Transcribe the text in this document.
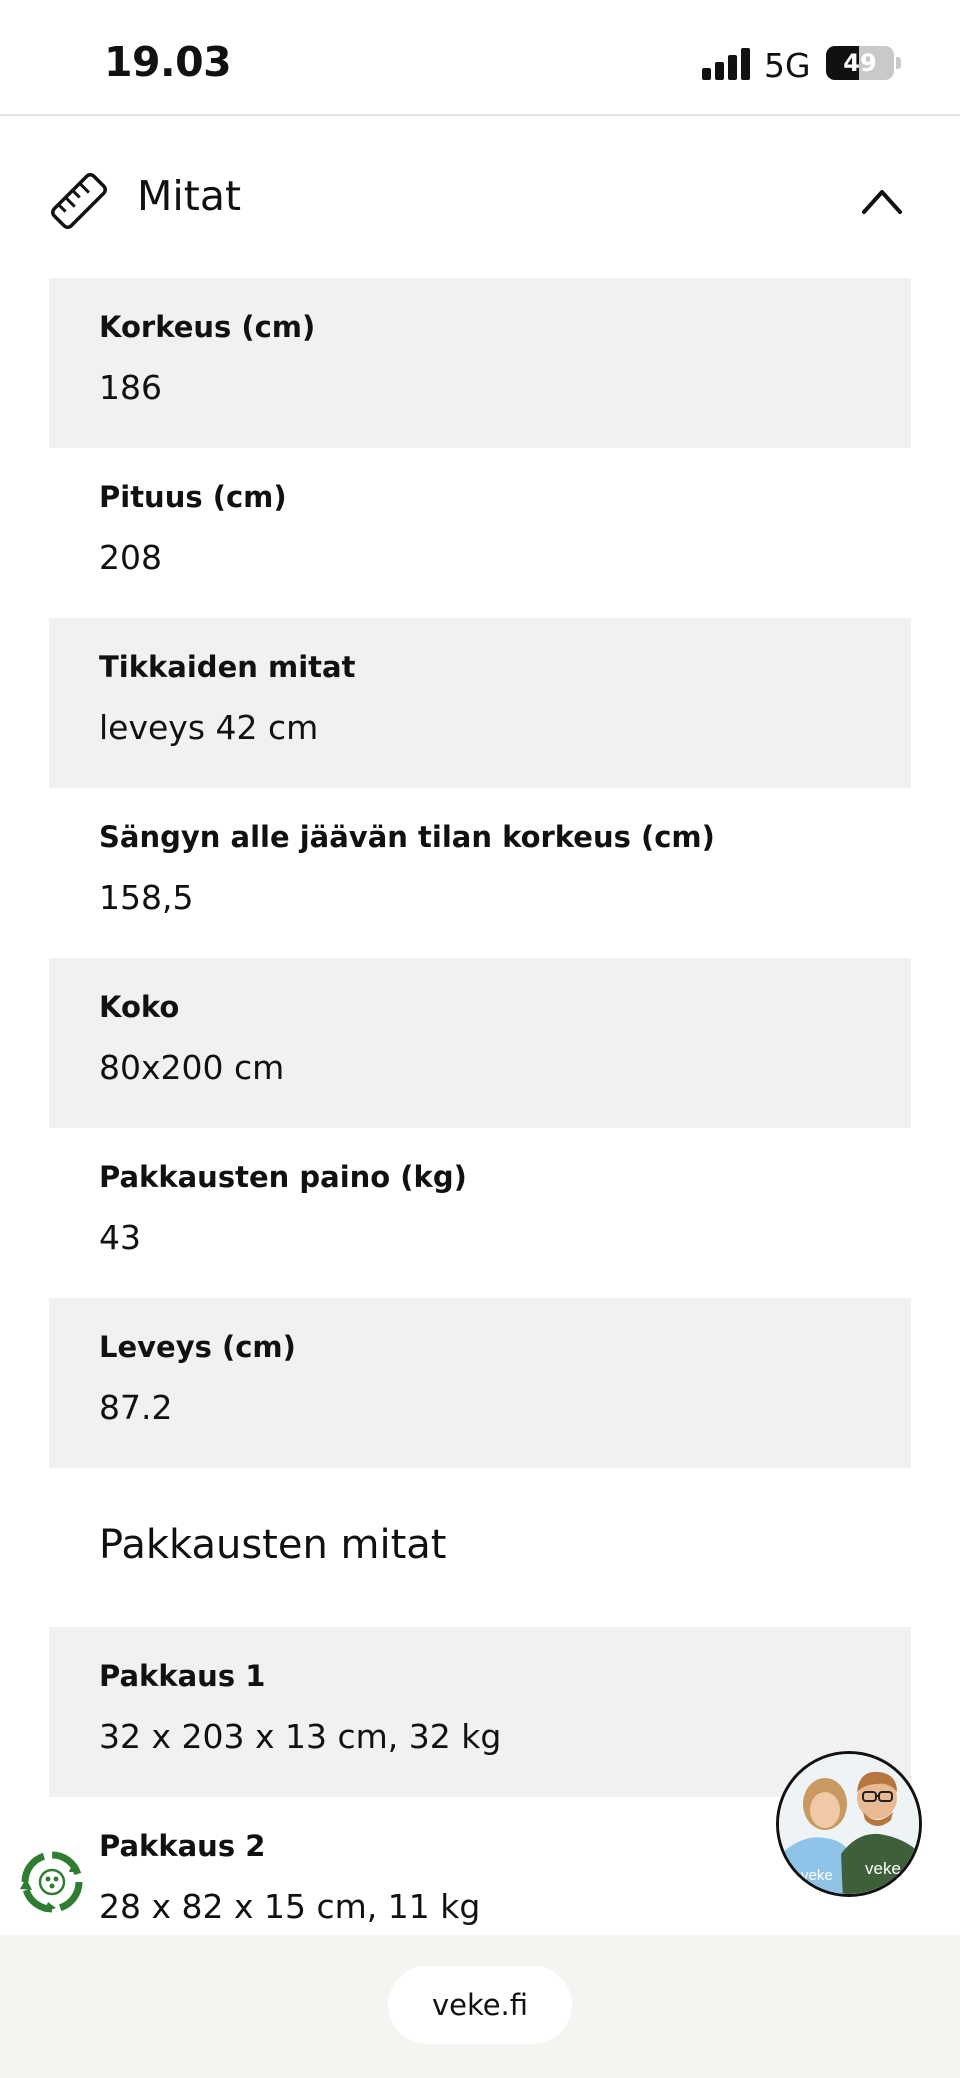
19.03	5G	49
Mitat
Korkeus (cm)
186
Pituus (cm)
208
Tikkaiden mitat
leveys 42 cm
Sängyn alle jäävän tilan korkeus (cm)
158,5
Koko
80x200 cm
Pakkausten paino (kg)
43
Leveys (cm)
87.2
Pakkausten mitat
Pakkaus 1
32 x 203 x 13 cm, 32 kg
Pakkaus 2
28 x 82 x 15 cm, 11 kg
veke veke
veke.fi
